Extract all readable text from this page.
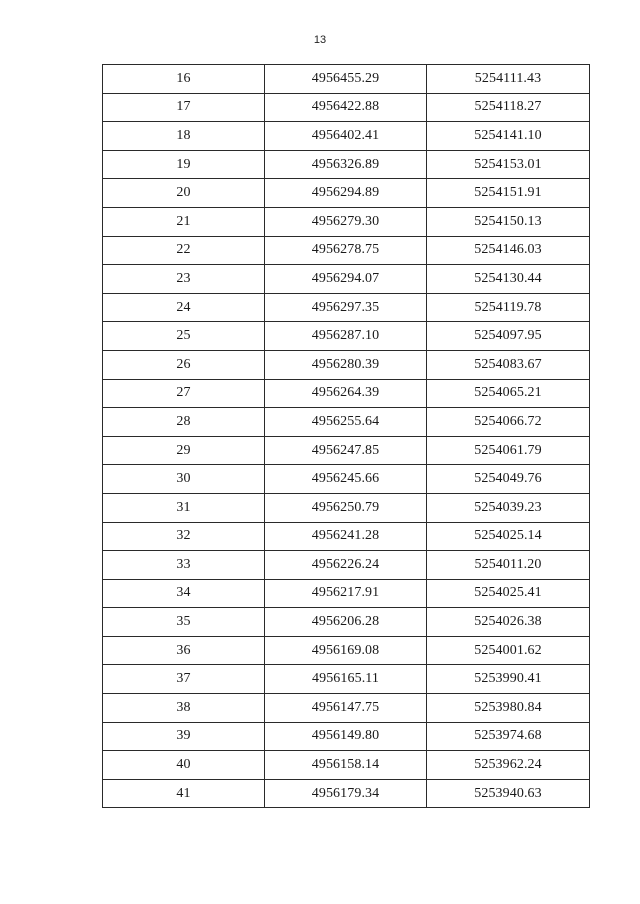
13
16	4956455.29	5254111.43
17	4956422.88	5254118.27
18	4956402.41	5254141.10
19	4956326.89	5254153.01
20	4956294.89	5254151.91
21	4956279.30	5254150.13
22	4956278.75	5254146.03
23	4956294.07	5254130.44
24	4956297.35	5254119.78
25	4956287.10	5254097.95
26	4956280.39	5254083.67
27	4956264.39	5254065.21
28	4956255.64	5254066.72
29	4956247.85	5254061.79
30	4956245.66	5254049.76
31	4956250.79	5254039.23
32	4956241.28	5254025.14
33	4956226.24	5254011.20
34	4956217.91	5254025.41
35	4956206.28	5254026.38
36	4956169.08	5254001.62
37	4956165.11	5253990.41
38	4956147.75	5253980.84
39	4956149.80	5253974.68
40	4956158.14	5253962.24
41	4956179.34	5253940.63
